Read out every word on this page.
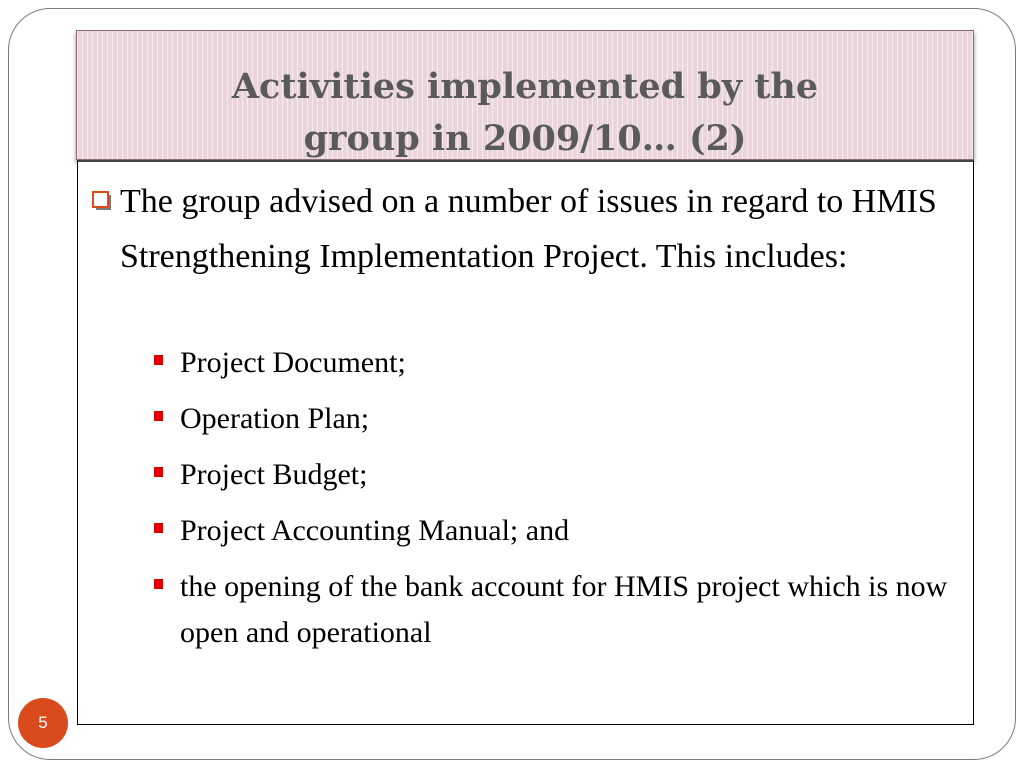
Activities implemented by the
group in 2009/10… (2)
The group advised on a number of issues in regard to HMIS Strengthening Implementation Project. This includes:
Project Document;
Operation Plan;
Project Budget;
Project Accounting Manual; and
the opening of the bank account for HMIS project which is now open and operational
5
